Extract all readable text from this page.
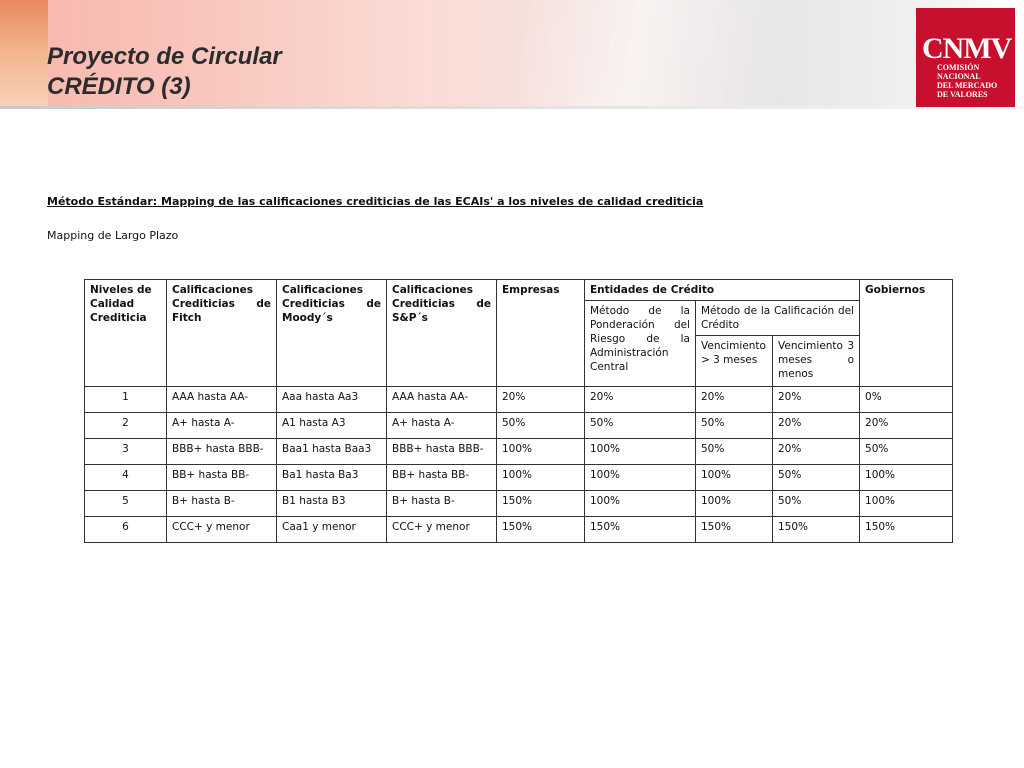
Proyecto de Circular
CRÉDITO (3)
CNMV
COMISIÓN
NACIONAL
DEL MERCADO
DE VALORES
Método Estándar: Mapping de las calificaciones crediticias de las ECAIs' a los niveles de calidad crediticia
Mapping de Largo Plazo
Niveles de Calidad Crediticia	Calificaciones Crediticias de Fitch	Calificaciones Crediticias de Moody´s	Calificaciones Crediticias de S&P´s	Empresas	Entidades de Crédito			Gobiernos
					Método de la Ponderación del Riesgo de la Administración Central	Método de la Calificación del Crédito		
						Vencimiento > 3 meses	Vencimiento 3 meses o menos	
1	AAA hasta AA-	Aaa hasta Aa3	AAA hasta AA-	20%	20%	20%	20%	0%
2	A+ hasta A-	A1 hasta A3	A+ hasta A-	50%	50%	50%	20%	20%
3	BBB+ hasta BBB-	Baa1 hasta Baa3	BBB+ hasta BBB-	100%	100%	50%	20%	50%
4	BB+ hasta BB-	Ba1 hasta Ba3	BB+ hasta BB-	100%	100%	100%	50%	100%
5	B+ hasta B-	B1 hasta B3	B+ hasta B-	150%	100%	100%	50%	100%
6	CCC+ y menor	Caa1 y menor	CCC+ y menor	150%	150%	150%	150%	150%
